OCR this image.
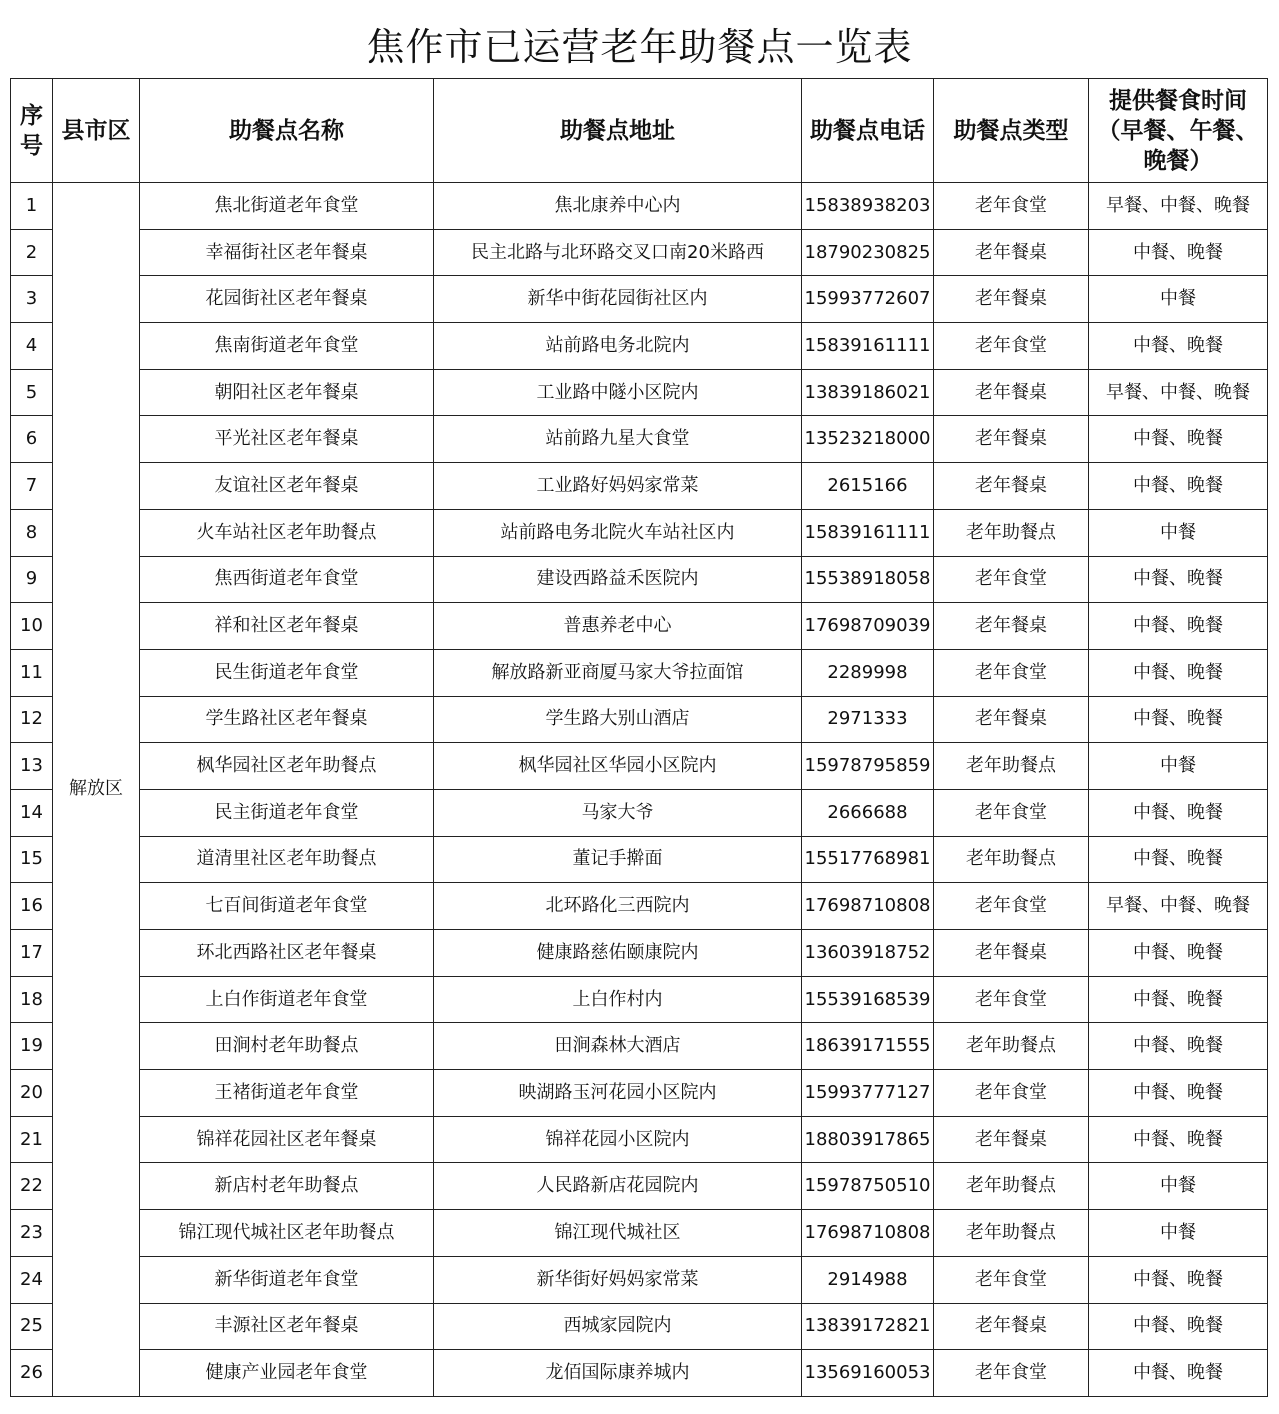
焦作市已运营老年助餐点一览表
序号	县市区	助餐点名称	助餐点地址	助餐点电话	助餐点类型	提供餐食时间（早餐、午餐、晚餐）
1	解放区	焦北街道老年食堂	焦北康养中心内	15838938203	老年食堂	早餐、中餐、晚餐
2		幸福街社区老年餐桌	民主北路与北环路交叉口南20米路西	18790230825	老年餐桌	中餐、晚餐
3		花园街社区老年餐桌	新华中街花园街社区内	15993772607	老年餐桌	中餐
4		焦南街道老年食堂	站前路电务北院内	15839161111	老年食堂	中餐、晚餐
5		朝阳社区老年餐桌	工业路中隧小区院内	13839186021	老年餐桌	早餐、中餐、晚餐
6		平光社区老年餐桌	站前路九星大食堂	13523218000	老年餐桌	中餐、晚餐
7		友谊社区老年餐桌	工业路好妈妈家常菜	2615166	老年餐桌	中餐、晚餐
8		火车站社区老年助餐点	站前路电务北院火车站社区内	15839161111	老年助餐点	中餐
9		焦西街道老年食堂	建设西路益禾医院内	15538918058	老年食堂	中餐、晚餐
10		祥和社区老年餐桌	普惠养老中心	17698709039	老年餐桌	中餐、晚餐
11		民生街道老年食堂	解放路新亚商厦马家大爷拉面馆	2289998	老年食堂	中餐、晚餐
12		学生路社区老年餐桌	学生路大别山酒店	2971333	老年餐桌	中餐、晚餐
13		枫华园社区老年助餐点	枫华园社区华园小区院内	15978795859	老年助餐点	中餐
14		民主街道老年食堂	马家大爷	2666688	老年食堂	中餐、晚餐
15		道清里社区老年助餐点	董记手擀面	15517768981	老年助餐点	中餐、晚餐
16		七百间街道老年食堂	北环路化三西院内	17698710808	老年食堂	早餐、中餐、晚餐
17		环北西路社区老年餐桌	健康路慈佑颐康院内	13603918752	老年餐桌	中餐、晚餐
18		上白作街道老年食堂	上白作村内	15539168539	老年食堂	中餐、晚餐
19		田涧村老年助餐点	田涧森林大酒店	18639171555	老年助餐点	中餐、晚餐
20		王褚街道老年食堂	映湖路玉河花园小区院内	15993777127	老年食堂	中餐、晚餐
21		锦祥花园社区老年餐桌	锦祥花园小区院内	18803917865	老年餐桌	中餐、晚餐
22		新店村老年助餐点	人民路新店花园院内	15978750510	老年助餐点	中餐
23		锦江现代城社区老年助餐点	锦江现代城社区	17698710808	老年助餐点	中餐
24		新华街道老年食堂	新华街好妈妈家常菜	2914988	老年食堂	中餐、晚餐
25		丰源社区老年餐桌	西城家园院内	13839172821	老年餐桌	中餐、晚餐
26		健康产业园老年食堂	龙佰国际康养城内	13569160053	老年食堂	中餐、晚餐
